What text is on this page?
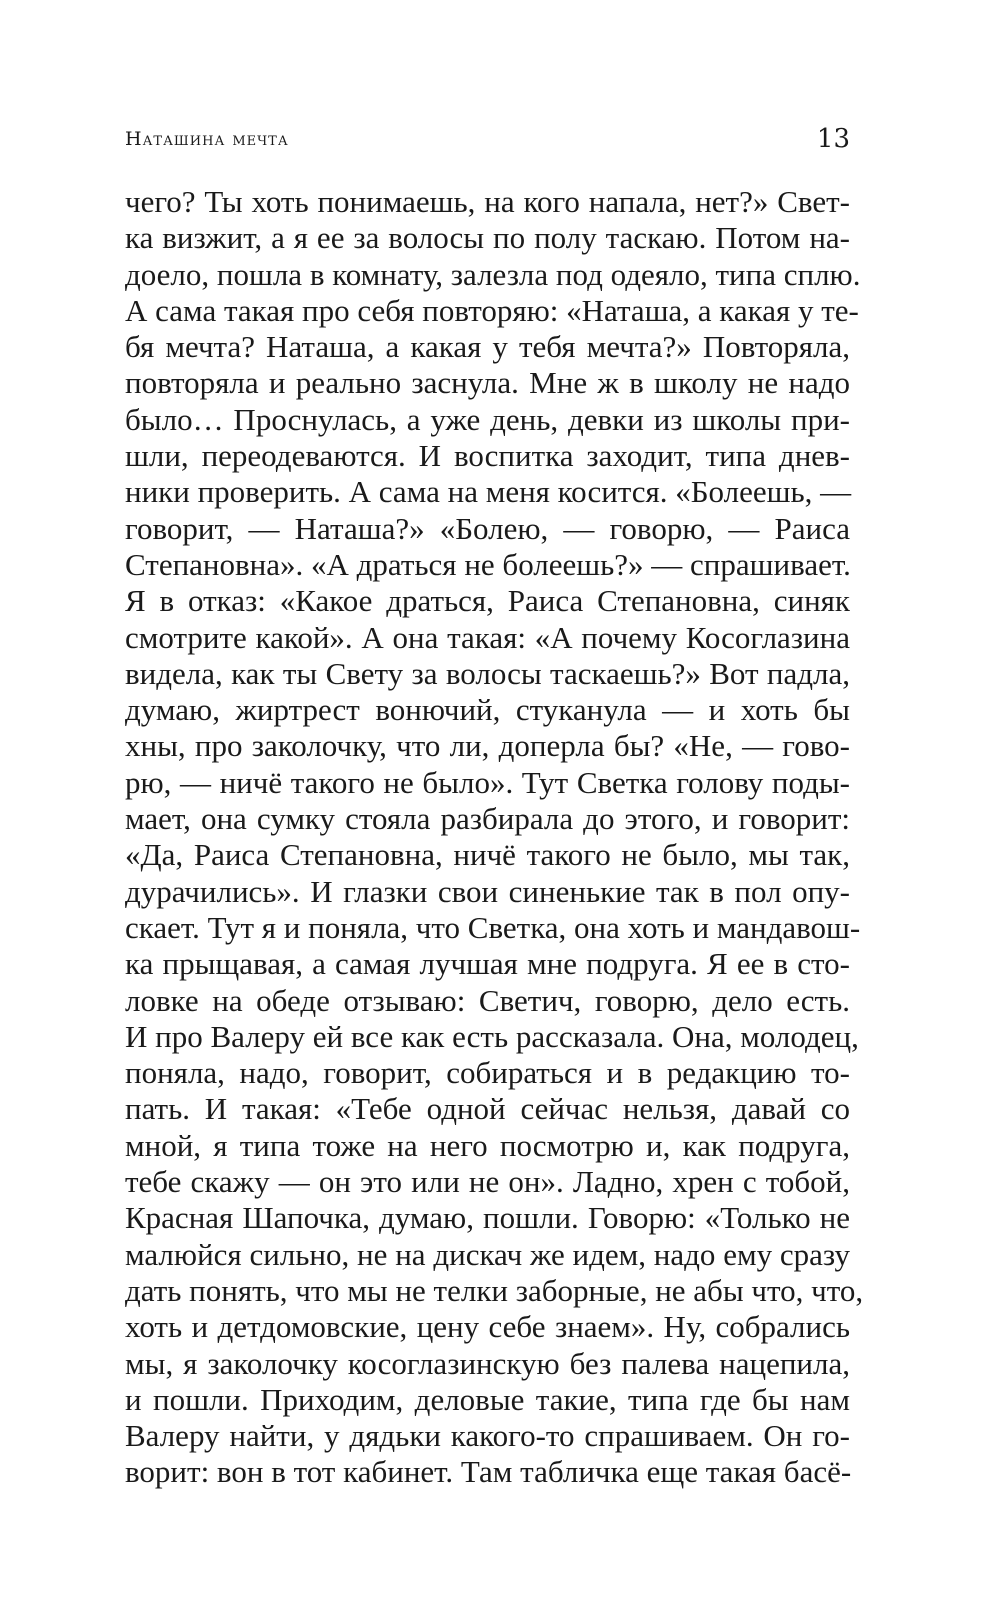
Наташина мечта	13
чего? Ты хоть понимаешь, на кого напала, нет?» Свет-
ка визжит, а я ее за волосы по полу таскаю. Потом на-
доело, пошла в комнату, залезла под одеяло, типа сплю.
А сама такая про себя повторяю: «Наташа, а какая у те-
бя мечта? Наташа, а какая у тебя мечта?» Повторяла,
повторяла и реально заснула. Мне ж в школу не надо
было… Проснулась, а уже день, девки из школы при-
шли, переодеваются. И воспитка заходит, типа днев-
ники проверить. А сама на меня косится. «Болеешь, —
говорит, — Наташа?» «Болею, — говорю, — Раиса
Степановна». «А драться не болеешь?» — спрашивает.
Я в отказ: «Какое драться, Раиса Степановна, синяк
смотрите какой». А она такая: «А почему Косоглазина
видела, как ты Свету за волосы таскаешь?» Вот падла,
думаю, жиртрест вонючий, стуканула — и хоть бы
хны, про заколочку, что ли, доперла бы? «Не, — гово-
рю, — ничё такого не было». Тут Светка голову поды-
мает, она сумку стояла разбирала до этого, и говорит:
«Да, Раиса Степановна, ничё такого не было, мы так,
дурачились». И глазки свои синенькие так в пол опу-
скает. Тут я и поняла, что Светка, она хоть и мандавош-
ка прыщавая, а самая лучшая мне подруга. Я ее в сто-
ловке на обеде отзываю: Светич, говорю, дело есть.
И про Валеру ей все как есть рассказала. Она, молодец,
поняла, надо, говорит, собираться и в редакцию то-
пать. И такая: «Тебе одной сейчас нельзя, давай со
мной, я типа тоже на него посмотрю и, как подруга,
тебе скажу — он это или не он». Ладно, хрен с тобой,
Красная Шапочка, думаю, пошли. Говорю: «Только не
малюйся сильно, не на дискач же идем, надо ему сразу
дать понять, что мы не телки заборные, не абы что, что,
хоть и детдомовские, цену себе знаем». Ну, собрались
мы, я заколочку косоглазинскую без палева нацепила,
и пошли. Приходим, деловые такие, типа где бы нам
Валеру найти, у дядьки какого-то спрашиваем. Он го-
ворит: вон в тот кабинет. Там табличка еще такая басё-
